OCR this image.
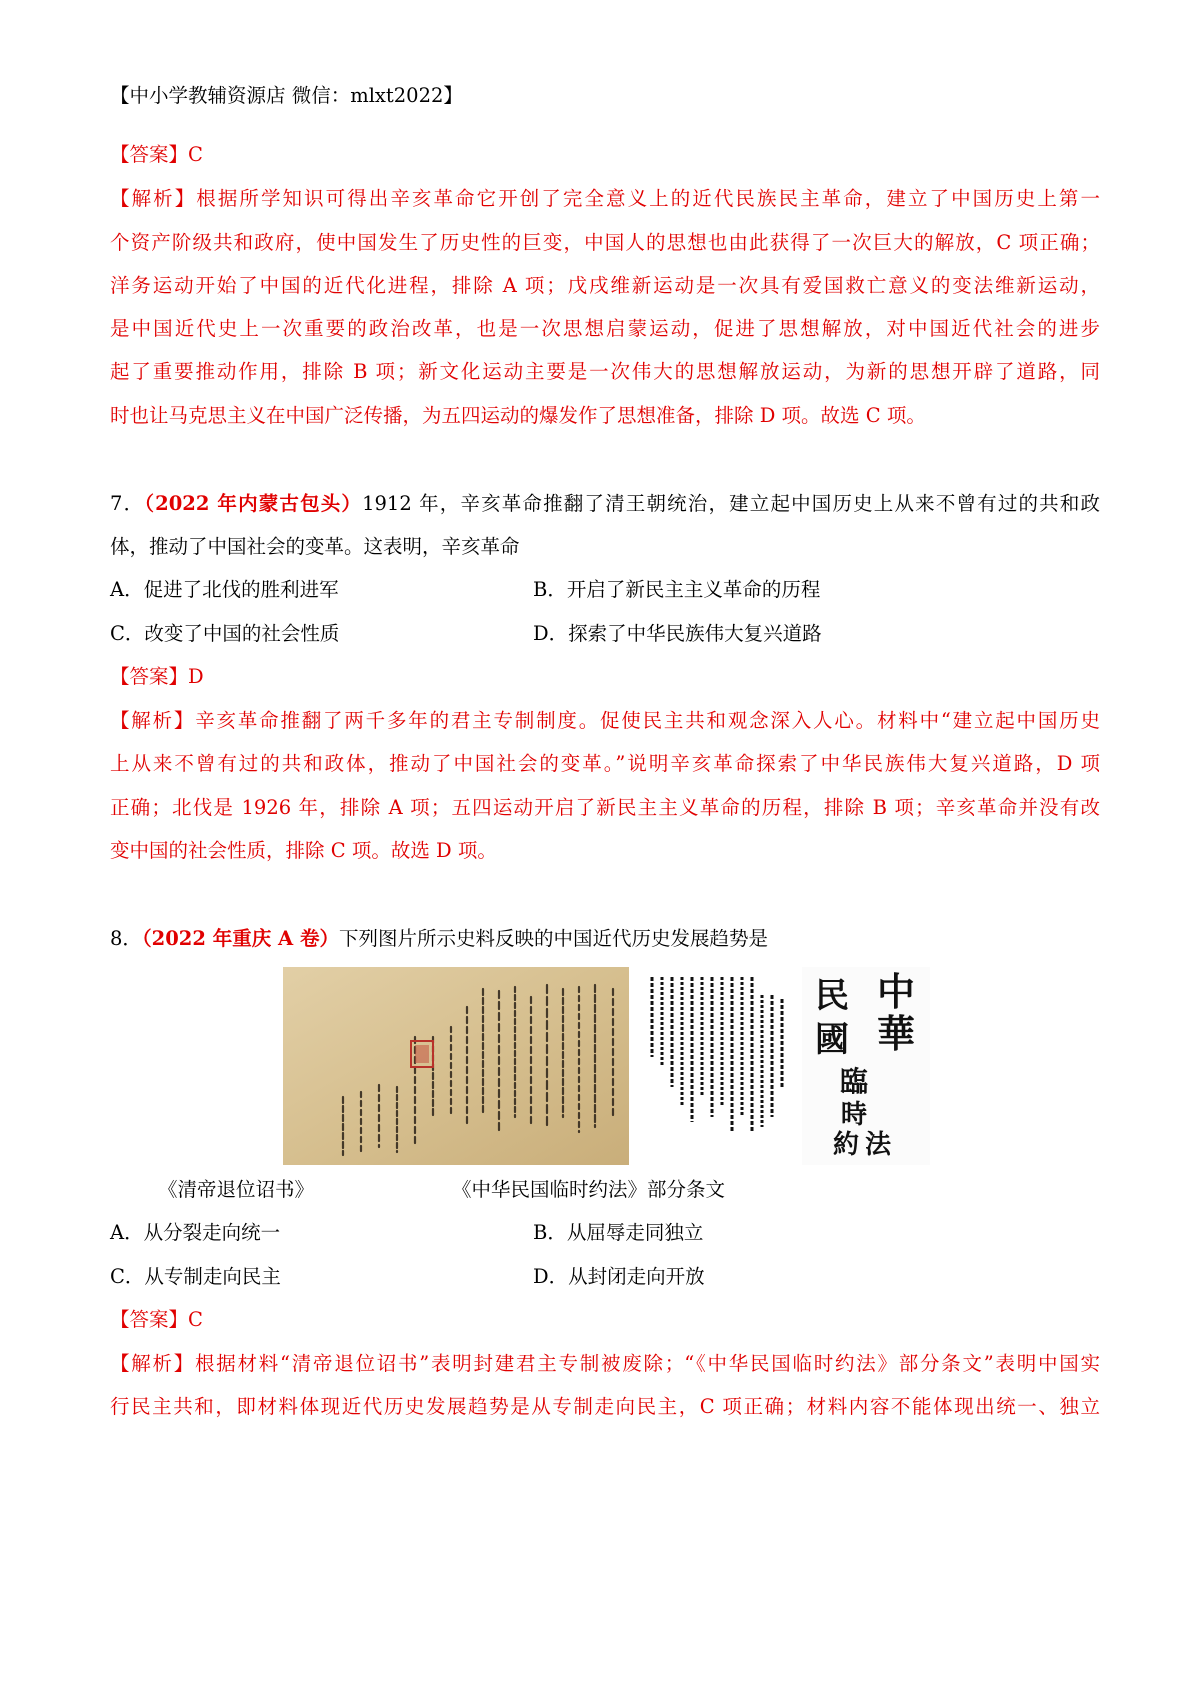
【中小学教辅资源店 微信：mlxt2022】
【答案】C
【解析】根据所学知识可得出辛亥革命它开创了完全意义上的近代民族民主革命，建立了中国历史上第一
个资产阶级共和政府，使中国发生了历史性的巨变，中国人的思想也由此获得了一次巨大的解放，C 项正确；
洋务运动开始了中国的近代化进程，排除 A 项；戊戌维新运动是一次具有爱国救亡意义的变法维新运动，
是中国近代史上一次重要的政治改革，也是一次思想启蒙运动，促进了思想解放，对中国近代社会的进步
起了重要推动作用，排除 B 项；新文化运动主要是一次伟大的思想解放运动，为新的思想开辟了道路，同
时也让马克思主义在中国广泛传播，为五四运动的爆发作了思想准备，排除 D 项。故选 C 项。
7．（2022 年内蒙古包头）1912 年，辛亥革命推翻了清王朝统治，建立起中国历史上从来不曾有过的共和政
体，推动了中国社会的变革。这表明，辛亥革命
A．促进了北伐的胜利进军	B．开启了新民主主义革命的历程
C．改变了中国的社会性质	D．探索了中华民族伟大复兴道路
【答案】D
【解析】辛亥革命推翻了两千多年的君主专制制度。促使民主共和观念深入人心。材料中“建立起中国历史
上从来不曾有过的共和政体，推动了中国社会的变革。”说明辛亥革命探索了中华民族伟大复兴道路，D 项
正确；北伐是 1926 年，排除 A 项；五四运动开启了新民主主义革命的历程，排除 B 项；辛亥革命并没有改
变中国的社会性质，排除 C 项。故选 D 项。
8．（2022 年重庆 A 卷）下列图片所示史料反映的中国近代历史发展趋势是
中
華
民
國
臨
時
約 法
《清帝退位诏书》	《中华民国临时约法》部分条文
A．从分裂走向统一	B．从屈辱走同独立
C．从专制走向民主	D．从封闭走向开放
【答案】C
【解析】根据材料“清帝退位诏书”表明封建君主专制被废除；“《中华民国临时约法》部分条文”表明中国实
行民主共和，即材料体现近代历史发展趋势是从专制走向民主，C 项正确；材料内容不能体现出统一、独立
